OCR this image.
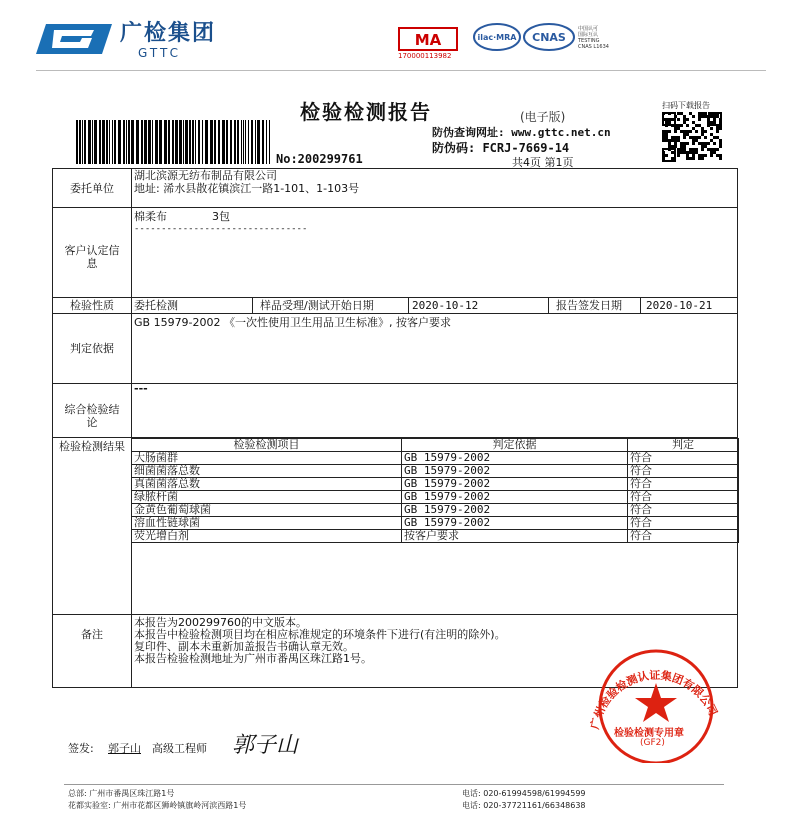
广检集团
GTTC
MA
170000113982
ilac·MRA CNAS
中国认可
国际互认
TESTING
CNAS L1634
No:200299761
检验检测报告	(电子版)
防伪查询网址: www.gttc.net.cn
防伪码: FCRJ-7669-14
共4页 第1页
扫码下载报告
委托单位
湖北滨源无纺布制品有限公司
地址: 浠水县散花镇滨江一路1-101、1-103号
客户认定信息
棉柔布	3包
--------------------------------
检验性质	委托检测	样品受理/测试开始日期	2020-10-12	报告签发日期 2020-10-21
判定依据
GB 15979-2002 《一次性使用卫生用品卫生标准》, 按客户要求
综合检验结论
---
检验检测结果	检验检测项目	判定依据	判定
大肠菌群	GB 15979-2002	符合
细菌菌落总数	GB 15979-2002	符合
真菌菌落总数	GB 15979-2002	符合
绿脓杆菌	GB 15979-2002	符合
金黄色葡萄球菌	GB 15979-2002	符合
溶血性链球菌	GB 15979-2002	符合
荧光增白剂	按客户要求	符合
备注
本报告为200299760的中文版本。
本报告中检验检测项目均在相应标准规定的环境条件下进行(有注明的除外)。
复印件、副本未重新加盖报告书确认章无效。
本报告检验检测地址为广州市番禺区珠江路1号。
广州检验检测认证集团有限公司
检验检测专用章
(GF2)
签发: 郭子山 高级工程师 郭子山
总部: 广州市番禺区珠江路1号
花都实验室: 广州市花都区狮岭镇旗岭河滨西路1号
电话: 020-61994598/61994599
电话: 020-37721161/66348638
